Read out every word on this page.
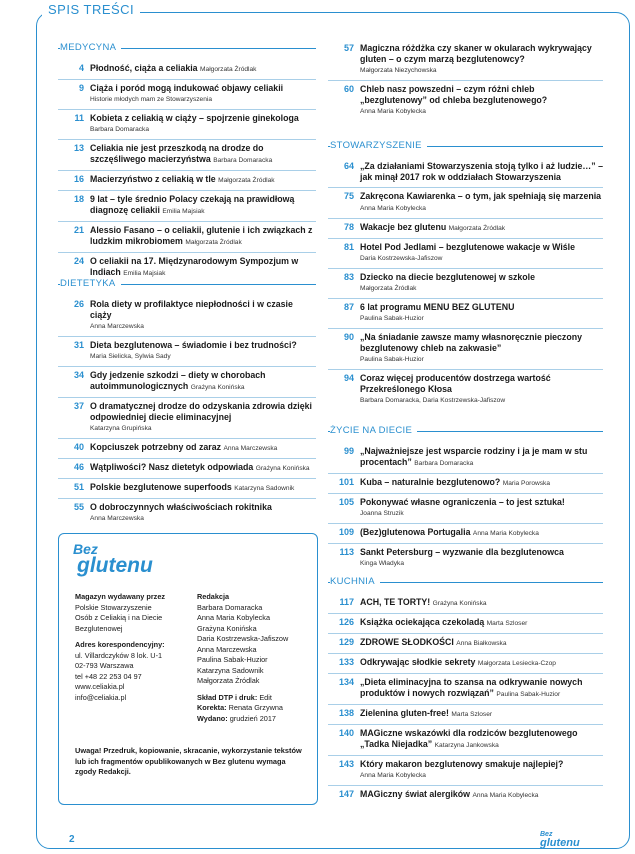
SPIS TREŚCI
MEDYCYNA
4 Płodność, ciąża a celiakia Małgorzata Żródlak
9 Ciąża i poród mogą indukować objawy celiakii
Historie młodych mam ze Stowarzyszenia
11 Kobieta z celiakią w ciąży – spojrzenie ginekologa
Barbara Domaracka
13 Celiakia nie jest przeszkodą na drodze do szczęśliwego macierzyństwa Barbara Domaracka
16 Macierzyństwo z celiakią w tle Małgorzata Żródlak
18 9 lat – tyle średnio Polacy czekają na prawidłową diagnozę celiakii Emilia Majsiak
21 Alessio Fasano – o celiakii, glutenie i ich związkach z ludzkim mikrobiomem Małgorzata Żródlak
24 O celiakii na 17. Międzynarodowym Sympozjum w Indiach Emilia Majsiak
DIETETYKA
26 Rola diety w profilaktyce niepłodności i w czasie ciąży
Anna Marczewska
31 Dieta bezglutenowa – świadomie i bez trudności?
Maria Sielicka, Sylwia Sady
34 Gdy jedzenie szkodzi – diety w chorobach autoimmunologicznych Grażyna Konińska
37 O dramatycznej drodze do odzyskania zdrowia dzięki odpowiedniej diecie eliminacyjnej
Katarzyna Grupińska
40 Kopciuszek potrzebny od zaraz Anna Marczewska
46 Wątpliwości? Nasz dietetyk odpowiada Grażyna Konińska
51 Polskie bezglutenowe superfoods Katarzyna Sadownik
55 O dobroczynnych właściwościach rokitnika
Anna Marczewska
57 Magiczna różdżka czy skaner w okularach wykrywający gluten – o czym marzą bezglutenowcy?
Małgorzata Niezychowska
60 Chleb nasz powszedni – czym różni chleb „bezglutenowy” od chleba bezglutenowego?
Anna Maria Kobylecka
STOWARZYSZENIE
64 „Za działaniami Stowarzyszenia stoją tylko i aż ludzie…” – jak minął 2017 rok w oddziałach Stowarzyszenia
75 Zakręcona Kawiarenka – o tym, jak spełniają się marzenia Anna Maria Kobylecka
78 Wakacje bez glutenu Małgorzata Żródlak
81 Hotel Pod Jedlami – bezglutenowe wakacje w Wiśle
Daria Kostrzewska-Jafiszow
83 Dziecko na diecie bezglutenowej w szkole
Małgorzata Żródlak
87 6 lat programu MENU BEZ GLUTENU
Paulina Sabak-Huzior
90 „Na śniadanie zawsze mamy własnoręcznie pieczony bezglutenowy chleb na zakwasie”
Paulina Sabak-Huzior
94 Coraz więcej producentów dostrzega wartość Przekreślonego Kłosa
Barbara Domaracka, Daria Kostrzewska-Jafiszow
ŻYCIE NA DIECIE
99 „Najważniejsze jest wsparcie rodziny i ja je mam w stu procentach” Barbara Domaracka
101 Kuba – naturalnie bezglutenowo? Maria Porowska
105 Pokonywać własne ograniczenia – to jest sztuka!
Joanna Struzik
109 (Bez)glutenowa Portugalia Anna Maria Kobylecka
113 Sankt Petersburg – wyzwanie dla bezglutenowca
Kinga Władyka
KUCHNIA
117 ACH, TE TORTY! Grażyna Konińska
126 Książka ociekająca czekoladą Marta Szloser
129 ZDROWE SŁODKOŚCI Anna Białkowska
133 Odkrywając słodkie sekrety Małgorzata Lesiecka-Czop
134 „Dieta eliminacyjna to szansa na odkrywanie nowych produktów i nowych rozwiązań” Paulina Sabak-Huzior
138 Zielenina gluten-free! Marta Szloser
140 MAGiczne wskazówki dla rodziców bezglutenowego „Tadka Niejadka” Katarzyna Jankowska
143 Który makaron bezglutenowy smakuje najlepiej?
Anna Maria Kobylecka
147 MAGiczny świat alergików Anna Maria Kobylecka
Bez
glutenu
Magazyn wydawany przez
Polskie Stowarzyszenie
Osób z Celiakią i na Diecie
Bezglutenowej
Adres korespondencyjny:
ul. Villardczyków 8 lok. U-1
02-793 Warszawa
tel +48 22 253 04 97
www.celiakia.pl
info@celiakia.pl
Redakcja
Barbara Domaracka
Anna Maria Kobylecka
Grażyna Konińska
Daria Kostrzewska-Jafiszow
Anna Marczewska
Paulina Sabak-Huzior
Katarzyna Sadownik
Małgorzata Żródlak
Skład DTP i druk: Edit
Korekta: Renata Grzywna
Wydano: grudzień 2017
Uwaga! Przedruk, kopiowanie, skracanie, wykorzystanie tekstów lub ich fragmentów opublikowanych w Bez glutenu wymaga zgody Redakcji.
2	Bez
glutenu
